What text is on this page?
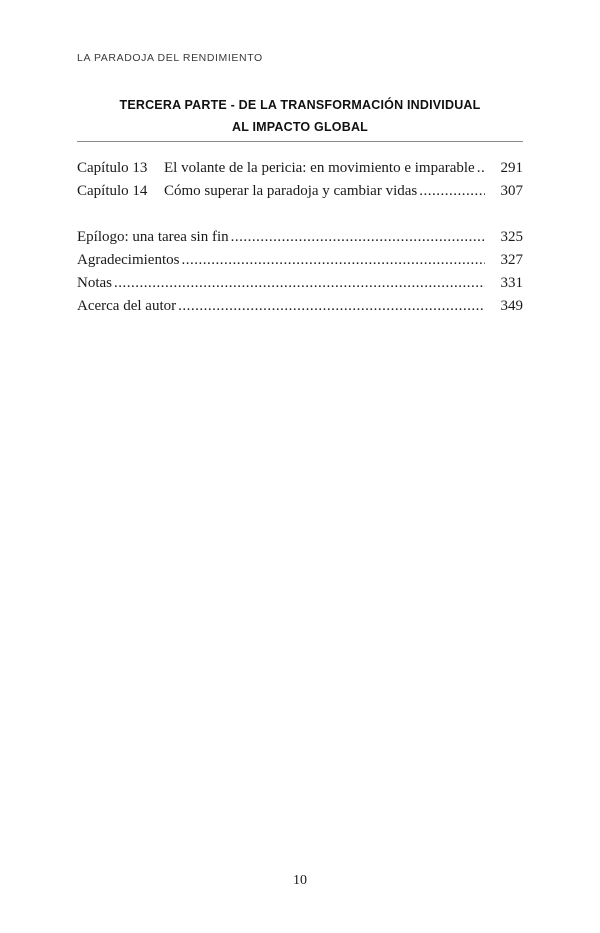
LA PARADOJA DEL RENDIMIENTO
TERCERA PARTE - DE LA TRANSFORMACIÓN INDIVIDUAL
AL IMPACTO GLOBAL
Capítulo 13	El volante de la pericia: en movimiento e imparable .....	291
Capítulo 14	Cómo superar la paradoja y cambiar vidas .....	307
Epílogo: una tarea sin fin .....	325
Agradecimientos .....	327
Notas .....	331
Acerca del autor .....	349
10
